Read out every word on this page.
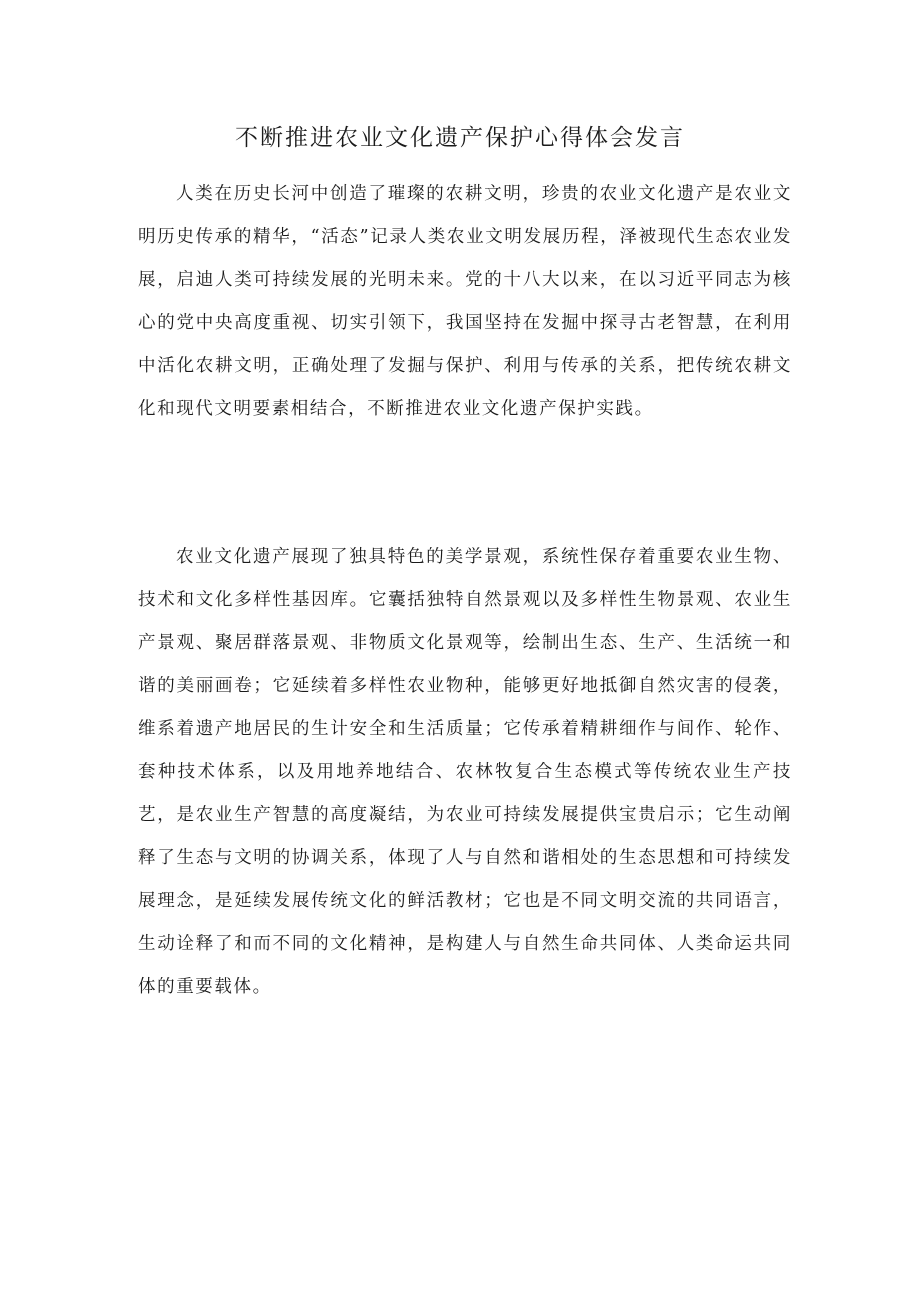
不断推进农业文化遗产保护心得体会发言

人类在历史长河中创造了璀璨的农耕文明，珍贵的农业文化遗产是农业文明历史传承的精华，“活态”记录人类农业文明发展历程，泽被现代生态农业发展，启迪人类可持续发展的光明未来。党的十八大以来，在以习近平同志为核心的党中央高度重视、切实引领下，我国坚持在发掘中探寻古老智慧，在利用中活化农耕文明，正确处理了发掘与保护、利用与传承的关系，把传统农耕文化和现代文明要素相结合，不断推进农业文化遗产保护实践。

农业文化遗产展现了独具特色的美学景观，系统性保存着重要农业生物、技术和文化多样性基因库。它囊括独特自然景观以及多样性生物景观、农业生产景观、聚居群落景观、非物质文化景观等，绘制出生态、生产、生活统一和谐的美丽画卷；它延续着多样性农业物种，能够更好地抵御自然灾害的侵袭，维系着遗产地居民的生计安全和生活质量；它传承着精耕细作与间作、轮作、套种技术体系，以及用地养地结合、农林牧复合生态模式等传统农业生产技艺，是农业生产智慧的高度凝结，为农业可持续发展提供宝贵启示；它生动阐释了生态与文明的协调关系，体现了人与自然和谐相处的生态思想和可持续发展理念，是延续发展传统文化的鲜活教材；它也是不同文明交流的共同语言，生动诠释了和而不同的文化精神，是构建人与自然生命共同体、人类命运共同体的重要载体。
